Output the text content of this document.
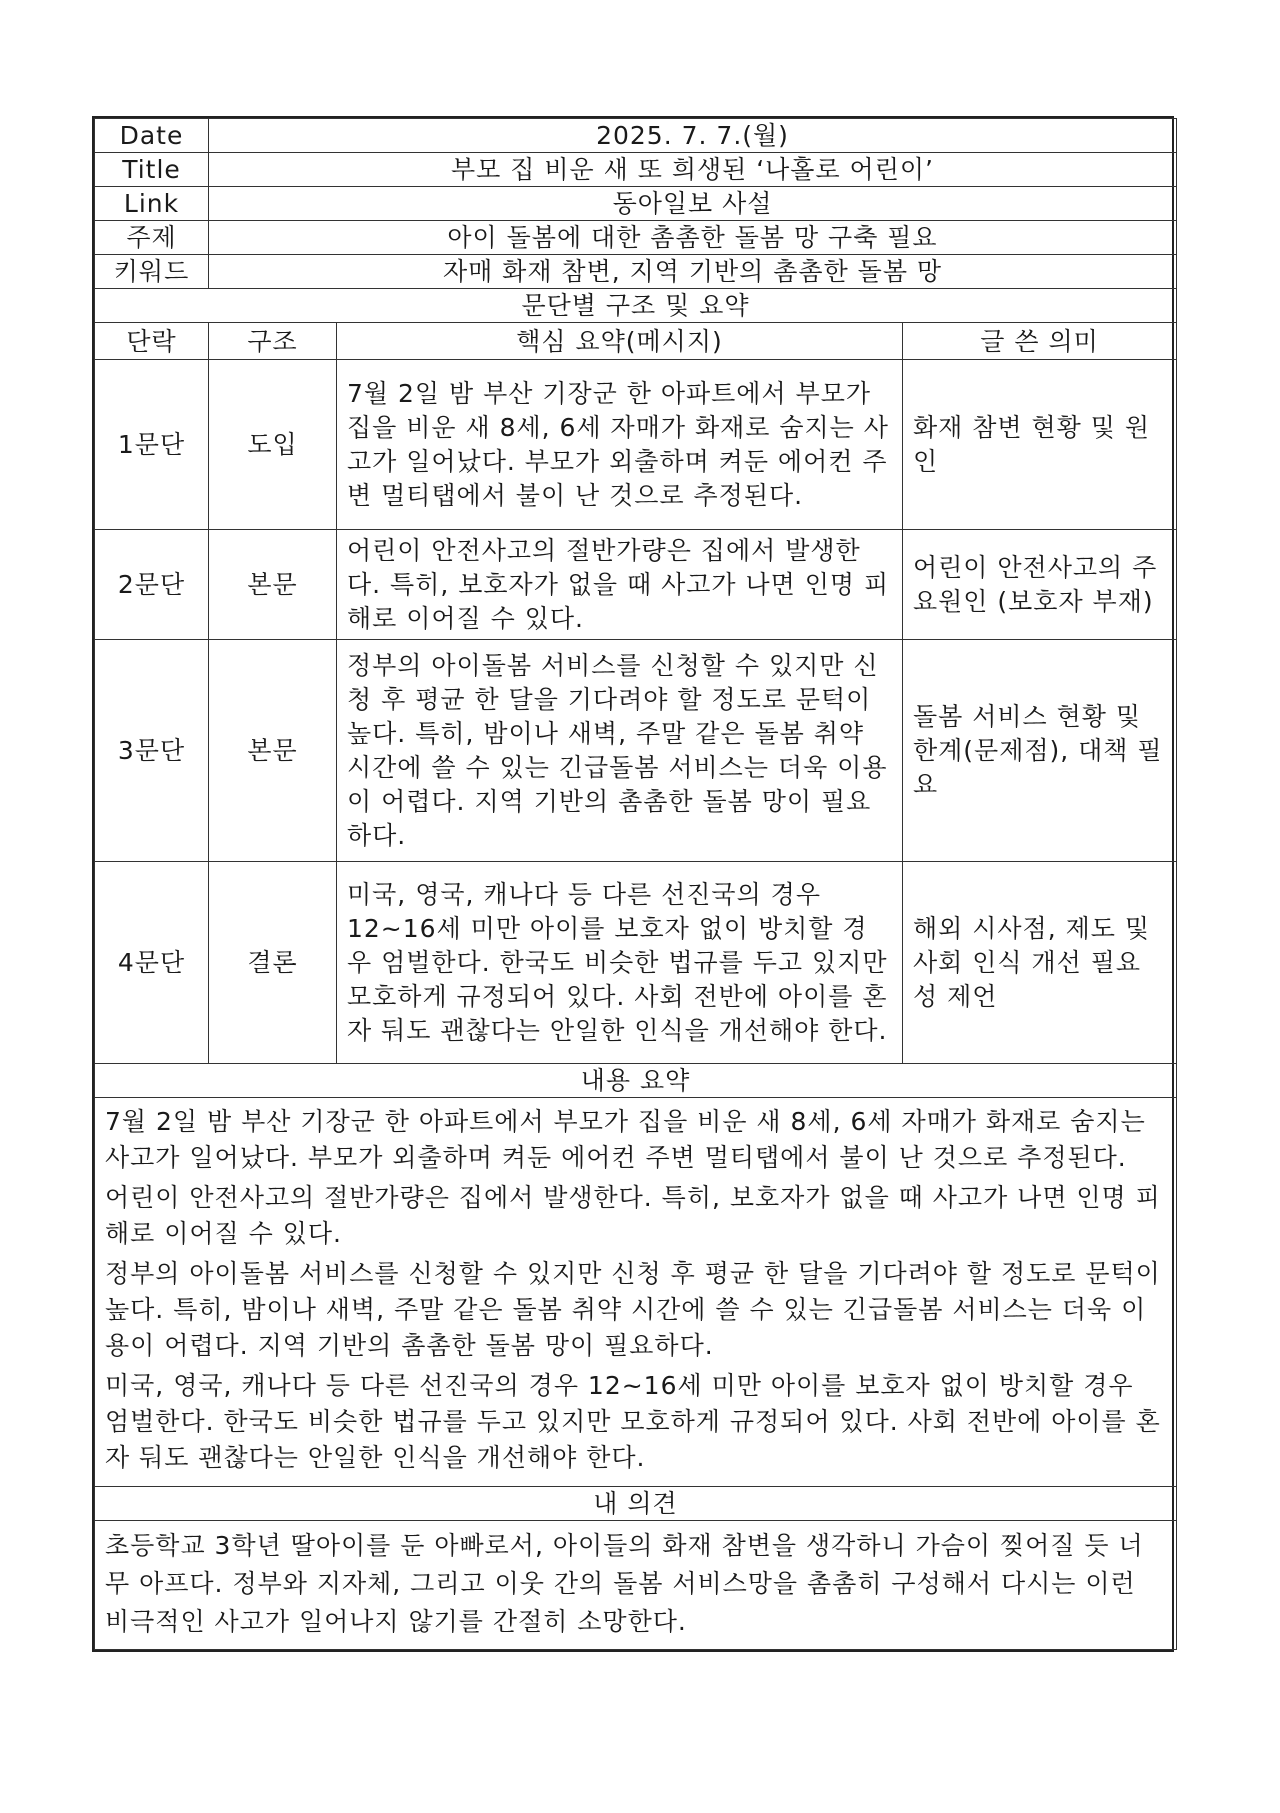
Date	2025. 7. 7.(월)		
Title	부모 집 비운 새 또 희생된 ‘나홀로 어린이’		
Link	동아일보 사설		
주제	아이 돌봄에 대한 촘촘한 돌봄 망 구축 필요		
키워드	자매 화재 참변, 지역 기반의 촘촘한 돌봄 망		
문단별 구조 및 요약			
단락	구조	핵심 요약(메시지)	글 쓴 의미
1문단	도입	7월 2일 밤 부산 기장군 한 아파트에서 부모가 집을 비운 새 8세, 6세 자매가 화재로 숨지는 사고가 일어났다. 부모가 외출하며 켜둔 에어컨 주변 멀티탭에서 불이 난 것으로 추정된다.	화재 참변 현황 및 원인
2문단	본문	어린이 안전사고의 절반가량은 집에서 발생한다. 특히, 보호자가 없을 때 사고가 나면 인명 피해로 이어질 수 있다.	어린이 안전사고의 주요원인 (보호자 부재)
3문단	본문	정부의 아이돌봄 서비스를 신청할 수 있지만 신청 후 평균 한 달을 기다려야 할 정도로 문턱이 높다. 특히, 밤이나 새벽, 주말 같은 돌봄 취약 시간에 쓸 수 있는 긴급돌봄 서비스는 더욱 이용이 어렵다. 지역 기반의 촘촘한 돌봄 망이 필요하다.	돌봄 서비스 현황 및 한계(문제점), 대책 필요
4문단	결론	미국, 영국, 캐나다 등 다른 선진국의 경우 12~16세 미만 아이를 보호자 없이 방치할 경우 엄벌한다. 한국도 비슷한 법규를 두고 있지만 모호하게 규정되어 있다. 사회 전반에 아이를 혼자 둬도 괜찮다는 안일한 인식을 개선해야 한다.	해외 시사점, 제도 및 사회 인식 개선 필요성 제언
내용 요약			

7월 2일 밤 부산 기장군 한 아파트에서 부모가 집을 비운 새 8세, 6세 자매가 화재로 숨지는 사고가 일어났다. 부모가 외출하며 켜둔 에어컨 주변 멀티탭에서 불이 난 것으로 추정된다.

어린이 안전사고의 절반가량은 집에서 발생한다. 특히, 보호자가 없을 때 사고가 나면 인명 피해로 이어질 수 있다.

정부의 아이돌봄 서비스를 신청할 수 있지만 신청 후 평균 한 달을 기다려야 할 정도로 문턱이 높다. 특히, 밤이나 새벽, 주말 같은 돌봄 취약 시간에 쓸 수 있는 긴급돌봄 서비스는 더욱 이용이 어렵다. 지역 기반의 촘촘한 돌봄 망이 필요하다.

미국, 영국, 캐나다 등 다른 선진국의 경우 12~16세 미만 아이를 보호자 없이 방치할 경우 엄벌한다. 한국도 비슷한 법규를 두고 있지만 모호하게 규정되어 있다. 사회 전반에 아이를 혼자 둬도 괜찮다는 안일한 인식을 개선해야 한다.			

내 의견			

초등학교 3학년 딸아이를 둔 아빠로서, 아이들의 화재 참변을 생각하니 가슴이 찢어질 듯 너무 아프다. 정부와 지자체, 그리고 이웃 간의 돌봄 서비스망을 촘촘히 구성해서 다시는 이런 비극적인 사고가 일어나지 않기를 간절히 소망한다.			
